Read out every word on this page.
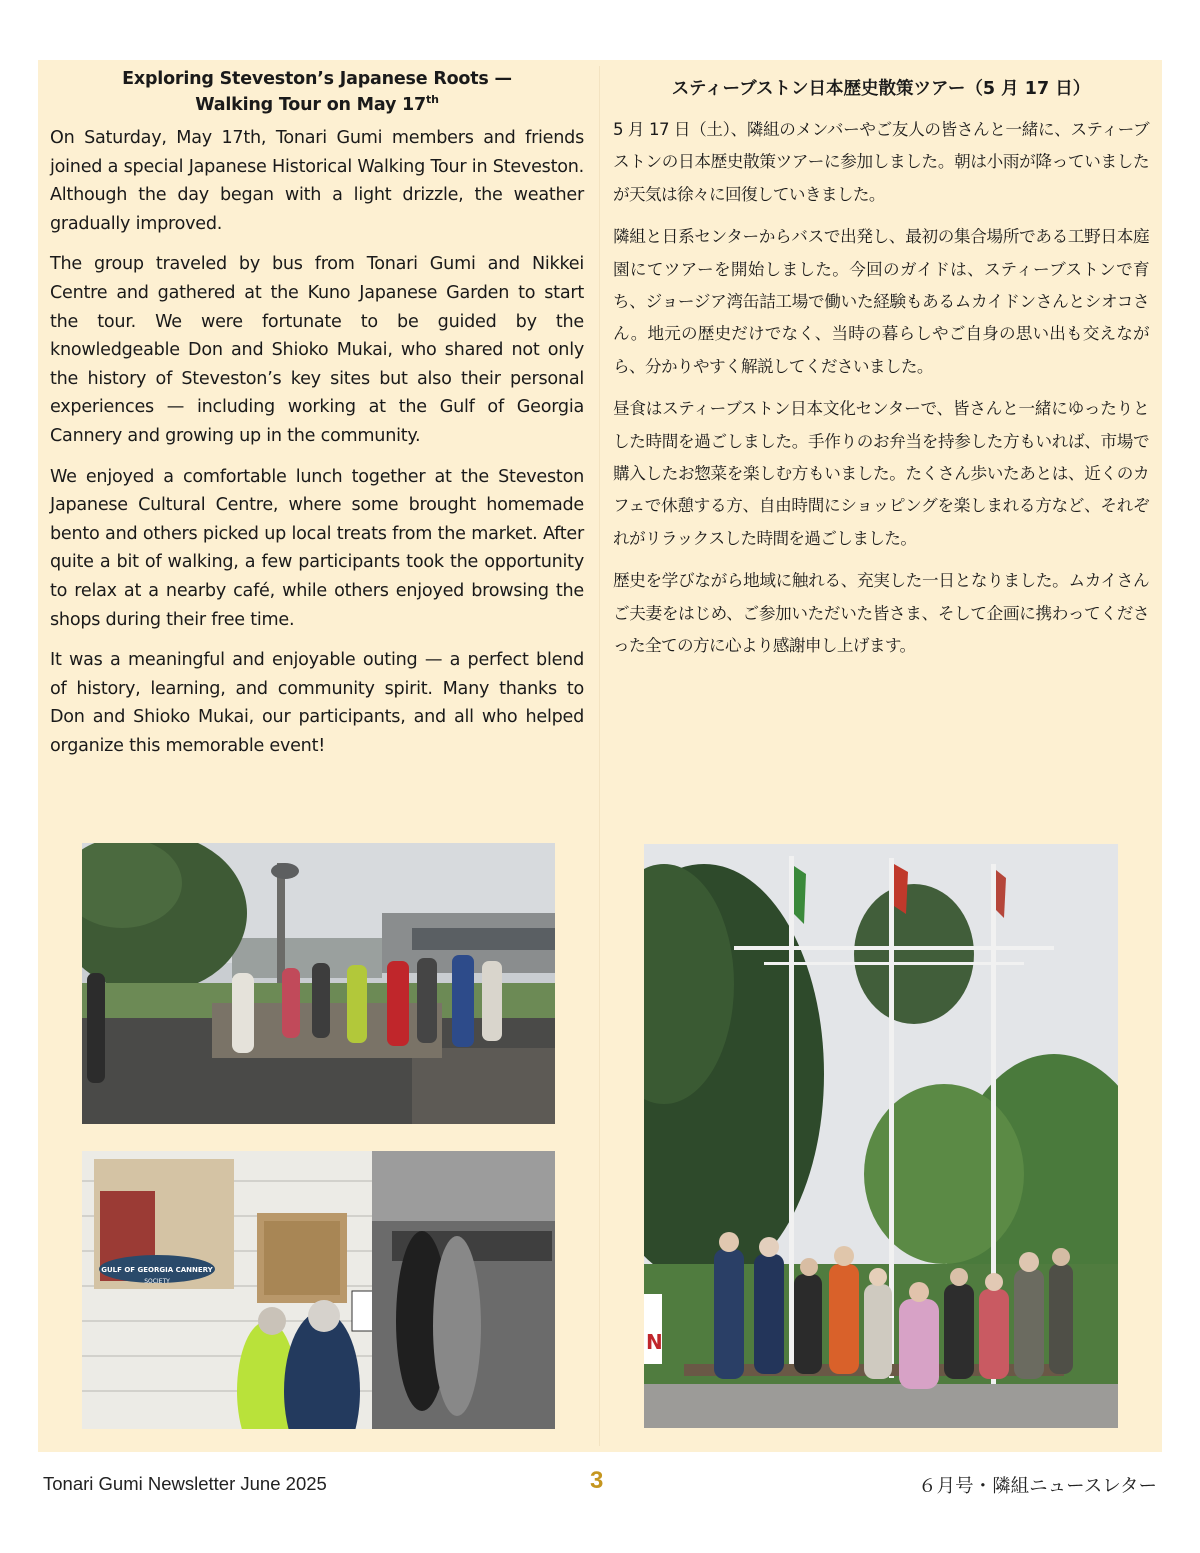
Exploring Steveston’s Japanese Roots —
Walking Tour on May 17th

On Saturday, May 17th, Tonari Gumi members and friends joined a special Japanese Historical Walking Tour in Steveston. Although the day began with a light drizzle, the weather gradually improved.

The group traveled by bus from Tonari Gumi and Nikkei Centre and gathered at the Kuno Japanese Garden to start the tour. We were fortunate to be guided by the knowledgeable Don and Shioko Mukai, who shared not only the history of Steveston’s key sites but also their personal experiences — including working at the Gulf of Georgia Cannery and growing up in the community.

We enjoyed a comfortable lunch together at the Steveston Japanese Cultural Centre, where some brought homemade bento and others picked up local treats from the market. After quite a bit of walking, a few participants took the opportunity to relax at a nearby café, while others enjoyed browsing the shops during their free time.

It was a meaningful and enjoyable outing — a perfect blend of history, learning, and community spirit. Many thanks to Don and Shioko Mukai, our participants, and all who helped organize this memorable event!

スティーブストン日本歴史散策ツアー（5 月 17 日）

5 月 17 日（土）、隣組のメンバーやご友人の皆さんと一緒に、スティーブストンの日本歴史散策ツアーに参加しました。朝は小雨が降っていましたが天気は徐々に回復していきました。

隣組と日系センターからバスで出発し、最初の集合場所である工野日本庭園にてツアーを開始しました。今回のガイドは、スティーブストンで育ち、ジョージア湾缶詰工場で働いた経験もあるムカイドンさんとシオコさん。地元の歴史だけでなく、当時の暮らしやご自身の思い出も交えながら、分かりやすく解説してくださいました。

昼食はスティーブストン日本文化センターで、皆さんと一緒にゆったりとした時間を過ごしました。手作りのお弁当を持参した方もいれば、市場で購入したお惣菜を楽しむ方もいました。たくさん歩いたあとは、近くのカフェで休憩する方、自由時間にショッピングを楽しまれる方など、それぞれがリラックスした時間を過ごしました。

歴史を学びながら地域に触れる、充実した一日となりました。ムカイさんご夫妻をはじめ、ご参加いただいた皆さま、そして企画に携わってくださった全ての方に心より感謝申し上げます。

GULF OF GEORGIA CANNERY
SOCIETY
N
Tonari Gumi Newsletter June 2025	3	６月号・隣組ニュースレター
